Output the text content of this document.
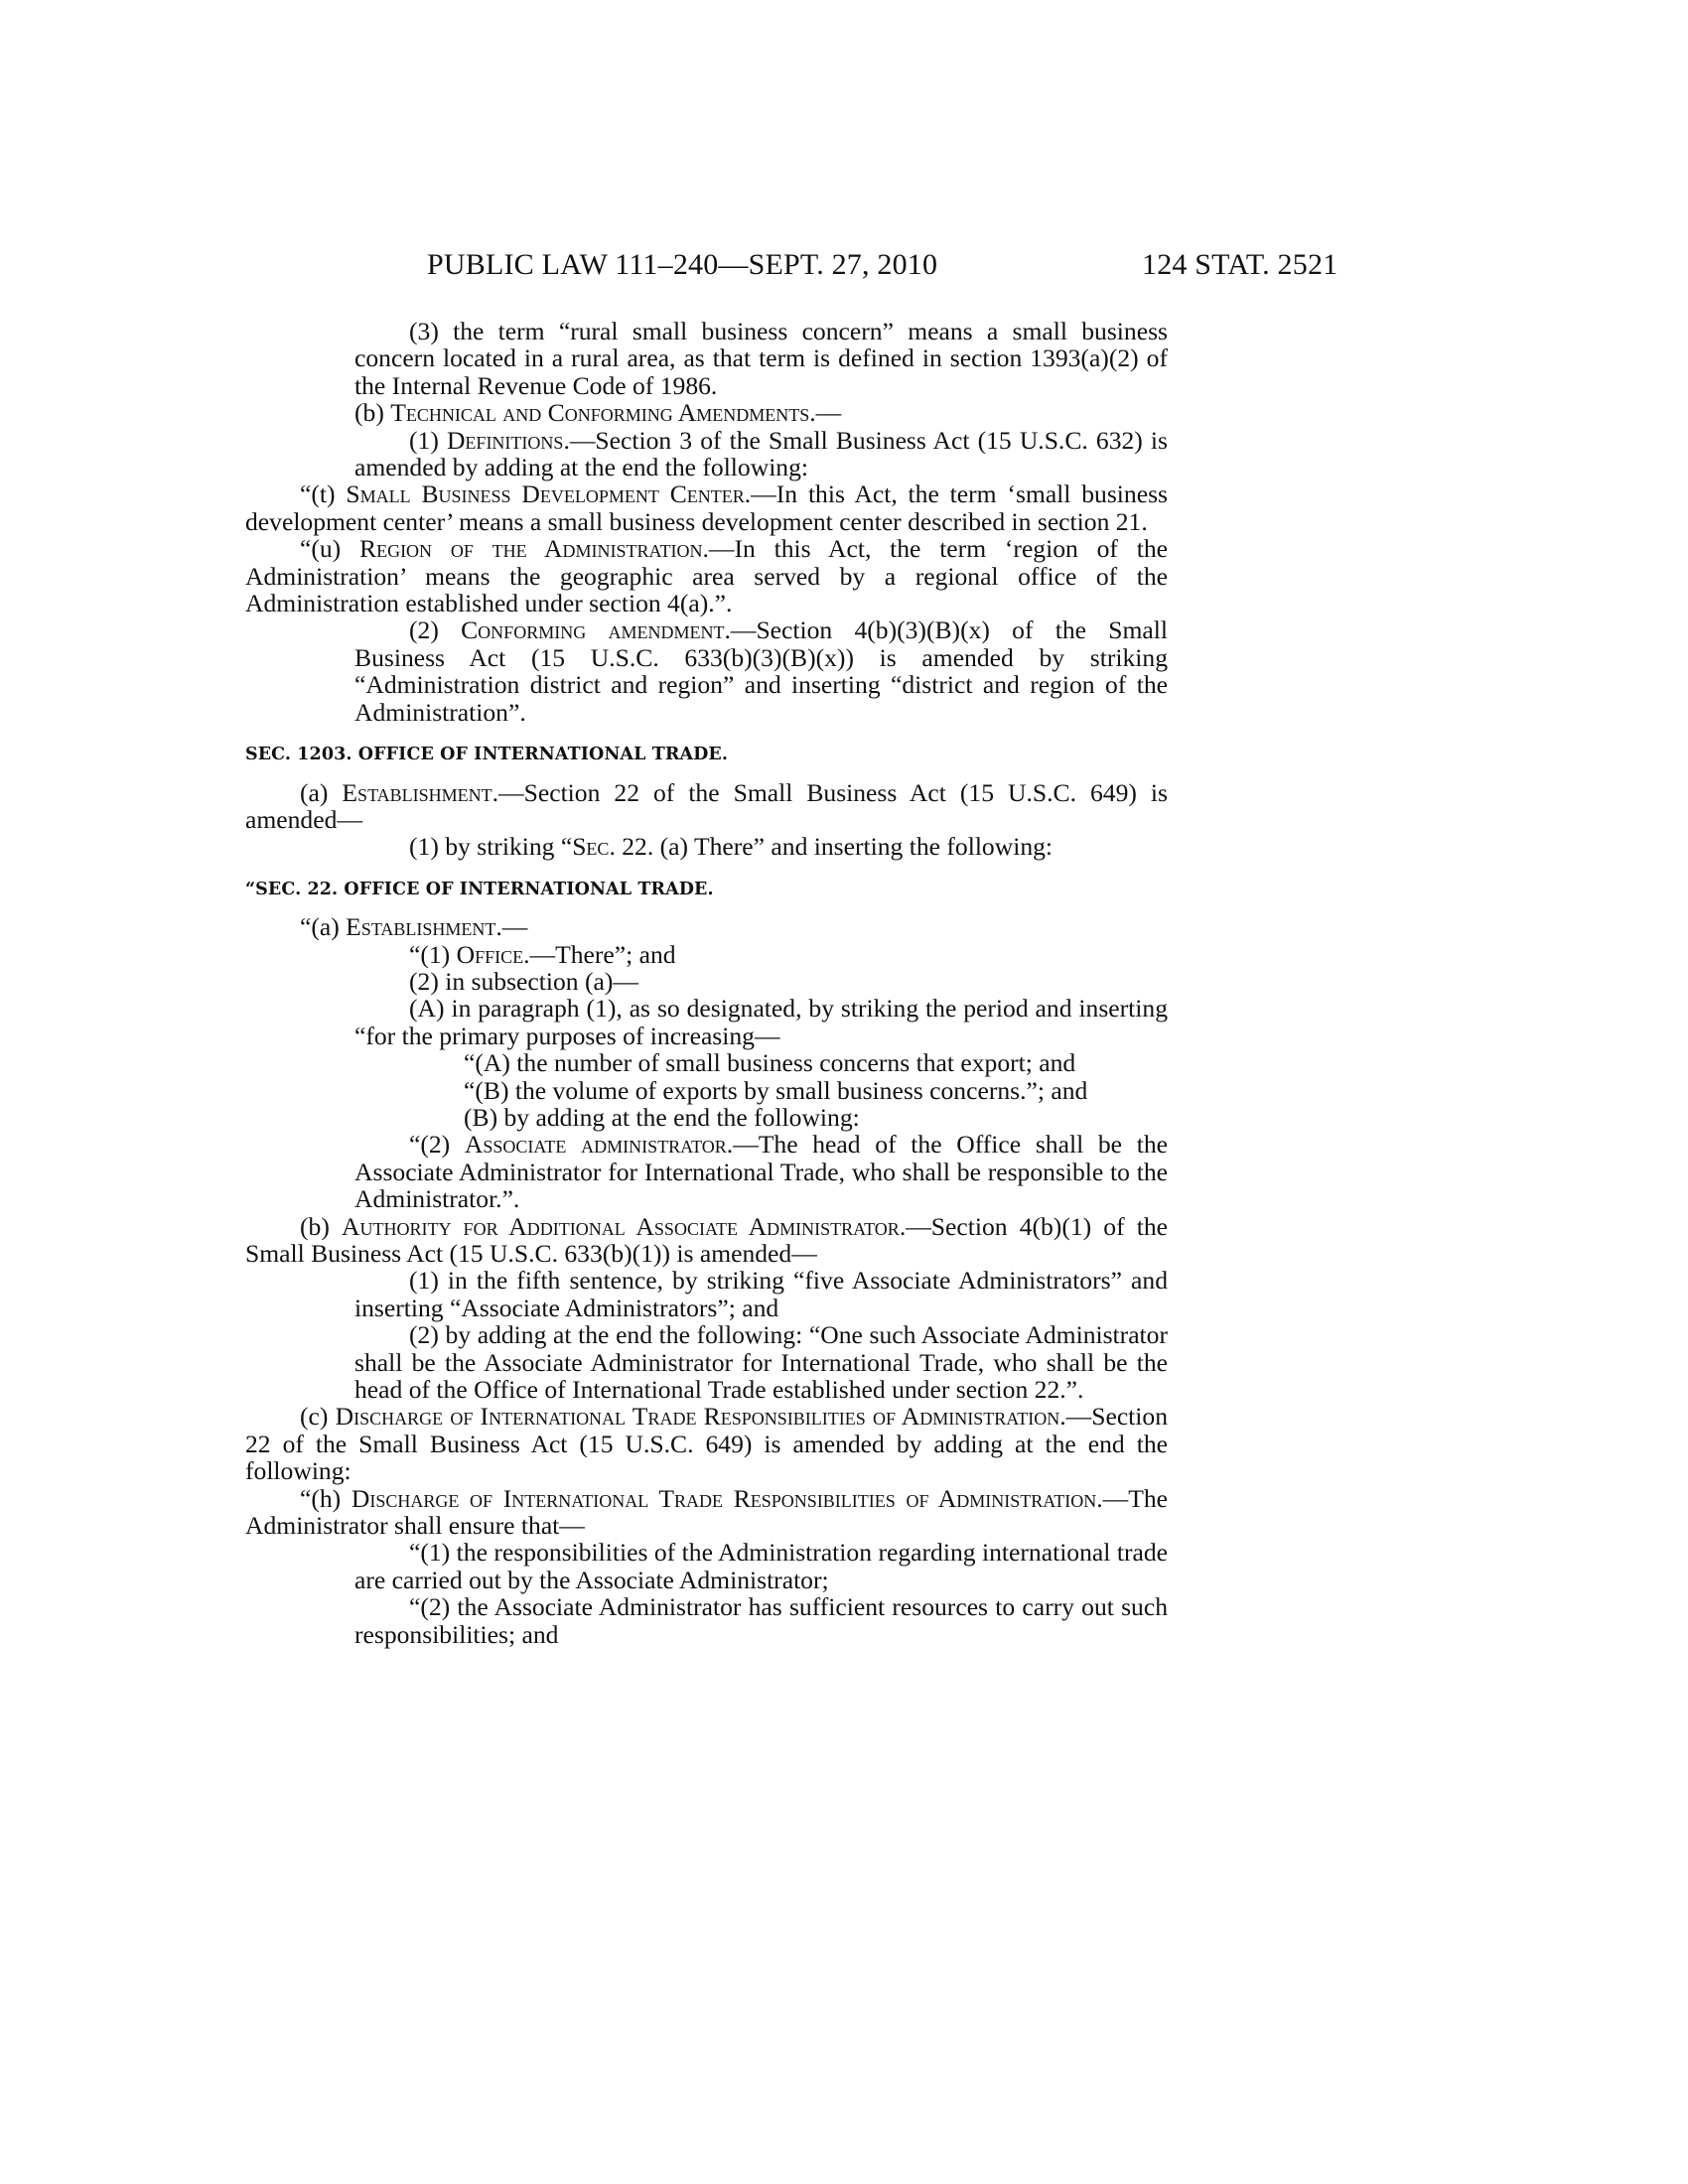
PUBLIC LAW 111–240—SEPT. 27, 2010	124 STAT. 2521

(3) the term “rural small business concern” means a small business concern located in a rural area, as that term is defined in section 1393(a)(2) of the Internal Revenue Code of 1986.

(b) Technical and Conforming Amendments.—

(1) Definitions.—Section 3 of the Small Business Act (15 U.S.C. 632) is amended by adding at the end the following:

“(t) Small Business Development Center.—In this Act, the term ‘small business development center’ means a small business development center described in section 21.

“(u) Region of the Administration.—In this Act, the term ‘region of the Administration’ means the geographic area served by a regional office of the Administration established under section 4(a).”.

(2) Conforming amendment.—Section 4(b)(3)(B)(x) of the Small Business Act (15 U.S.C. 633(b)(3)(B)(x)) is amended by striking “Administration district and region” and inserting “district and region of the Administration”.

SEC. 1203. OFFICE OF INTERNATIONAL TRADE.

(a) Establishment.—Section 22 of the Small Business Act (15 U.S.C. 649) is amended—

(1) by striking “Sec. 22. (a) There” and inserting the following:

“SEC. 22. OFFICE OF INTERNATIONAL TRADE.

“(a) Establishment.—

“(1) Office.—There”; and

(2) in subsection (a)—

(A) in paragraph (1), as so designated, by striking the period and inserting “for the primary purposes of increasing—

“(A) the number of small business concerns that export; and

“(B) the volume of exports by small business concerns.”; and

(B) by adding at the end the following:

“(2) Associate administrator.—The head of the Office shall be the Associate Administrator for International Trade, who shall be responsible to the Administrator.”.

(b) Authority for Additional Associate Administrator.—Section 4(b)(1) of the Small Business Act (15 U.S.C. 633(b)(1)) is amended—

(1) in the fifth sentence, by striking “five Associate Administrators” and inserting “Associate Administrators”; and

(2) by adding at the end the following: “One such Associate Administrator shall be the Associate Administrator for International Trade, who shall be the head of the Office of International Trade established under section 22.”.

(c) Discharge of International Trade Responsibilities of Administration.—Section 22 of the Small Business Act (15 U.S.C. 649) is amended by adding at the end the following:

“(h) Discharge of International Trade Responsibilities of Administration.—The Administrator shall ensure that—

“(1) the responsibilities of the Administration regarding international trade are carried out by the Associate Administrator;

“(2) the Associate Administrator has sufficient resources to carry out such responsibilities; and
